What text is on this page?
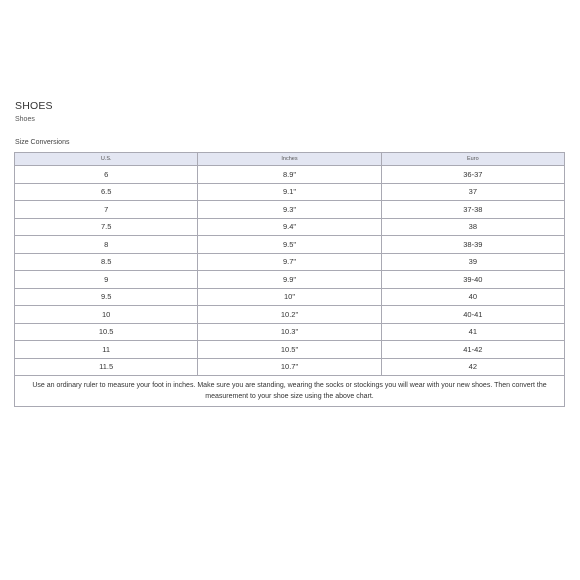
SHOES
Shoes
Size Conversions
U.S.	Inches	Euro
6	8.9"	36-37
6.5	9.1"	37
7	9.3"	37-38
7.5	9.4"	38
8	9.5"	38-39
8.5	9.7"	39
9	9.9"	39-40
9.5	10"	40
10	10.2"	40-41
10.5	10.3"	41
11	10.5"	41-42
11.5	10.7"	42
Use an ordinary ruler to measure your foot in inches. Make sure you are standing, wearing the socks or stockings you will wear with your new shoes. Then convert the measurement to your shoe size using the above chart.		
